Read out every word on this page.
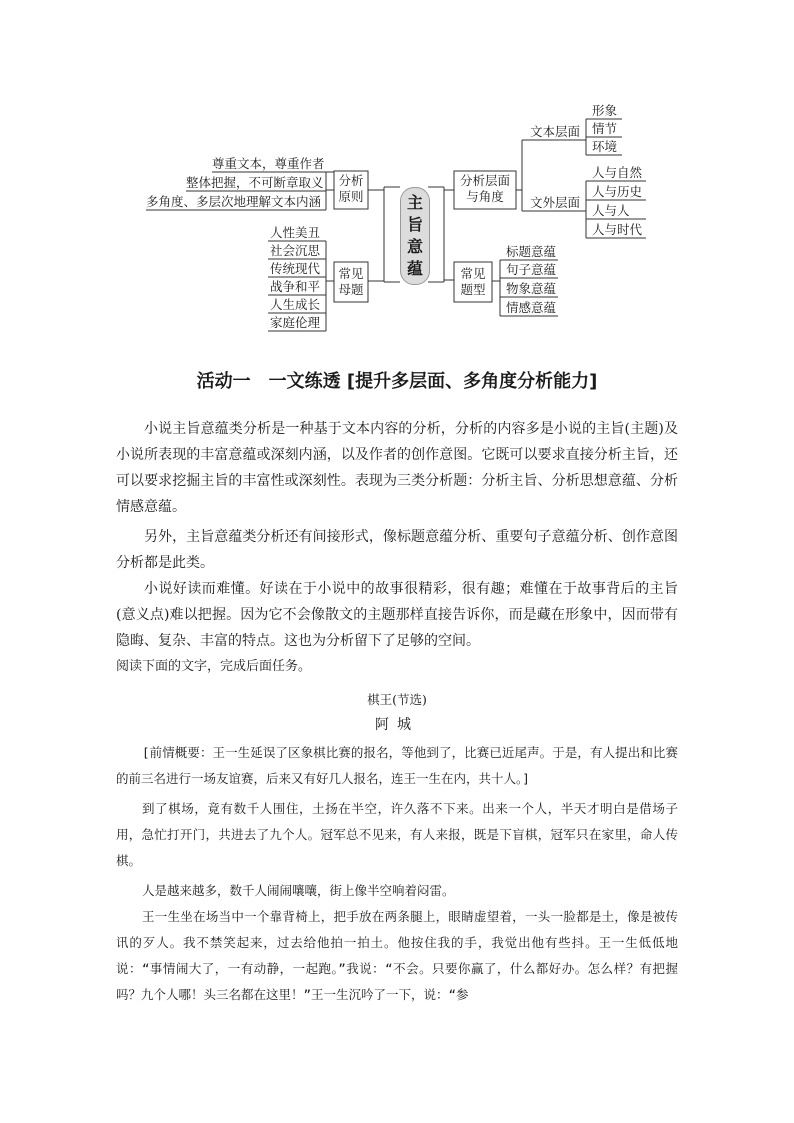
尊重文本，尊重作者
整体把握，不可断章取义
多角度、多层次地理解文本内涵
分析原则
人性美丑
社会沉思
传统现代
战争和平
人生成长
家庭伦理
常见母题
主
旨
意
蕴
分析层面与角度
文本层面
文外层面
形象
情节
环境
人与自然
人与历史
人与人
人与时代
常见题型
标题意蕴
句子意蕴
物象意蕴
情感意蕴
活动一　一文练透 [提升多层面、多角度分析能力]

小说主旨意蕴类分析是一种基于文本内容的分析，分析的内容多是小说的主旨(主题)及小说所表现的丰富意蕴或深刻内涵，以及作者的创作意图。它既可以要求直接分析主旨，还可以要求挖掘主旨的丰富性或深刻性。表现为三类分析题：分析主旨、分析思想意蕴、分析情感意蕴。

另外，主旨意蕴类分析还有间接形式，像标题意蕴分析、重要句子意蕴分析、创作意图分析都是此类。

小说好读而难懂。好读在于小说中的故事很精彩，很有趣；难懂在于故事背后的主旨(意义点)难以把握。因为它不会像散文的主题那样直接告诉你，而是藏在形象中，因而带有隐晦、复杂、丰富的特点。这也为分析留下了足够的空间。

阅读下面的文字，完成后面任务。

棋王(节选)
阿城

[前情概要：王一生延误了区象棋比赛的报名，等他到了，比赛已近尾声。于是，有人提出和比赛的前三名进行一场友谊赛，后来又有好几人报名，连王一生在内，共十人。]

到了棋场，竟有数千人围住，土扬在半空，许久落不下来。出来一个人，半天才明白是借场子用，急忙打开门，共进去了九个人。冠军总不见来，有人来报，既是下盲棋，冠军只在家里，命人传棋。

人是越来越多，数千人闹闹嚷嚷，街上像半空响着闷雷。

王一生坐在场当中一个靠背椅上，把手放在两条腿上，眼睛虚望着，一头一脸都是土，像是被传讯的歹人。我不禁笑起来，过去给他拍一拍土。他按住我的手，我觉出他有些抖。王一生低低地说：“事情闹大了，一有动静，一起跑。”我说：“不会。只要你赢了，什么都好办。怎么样？有把握吗？九个人哪！头三名都在这里！”王一生沉吟了一下，说：“参
